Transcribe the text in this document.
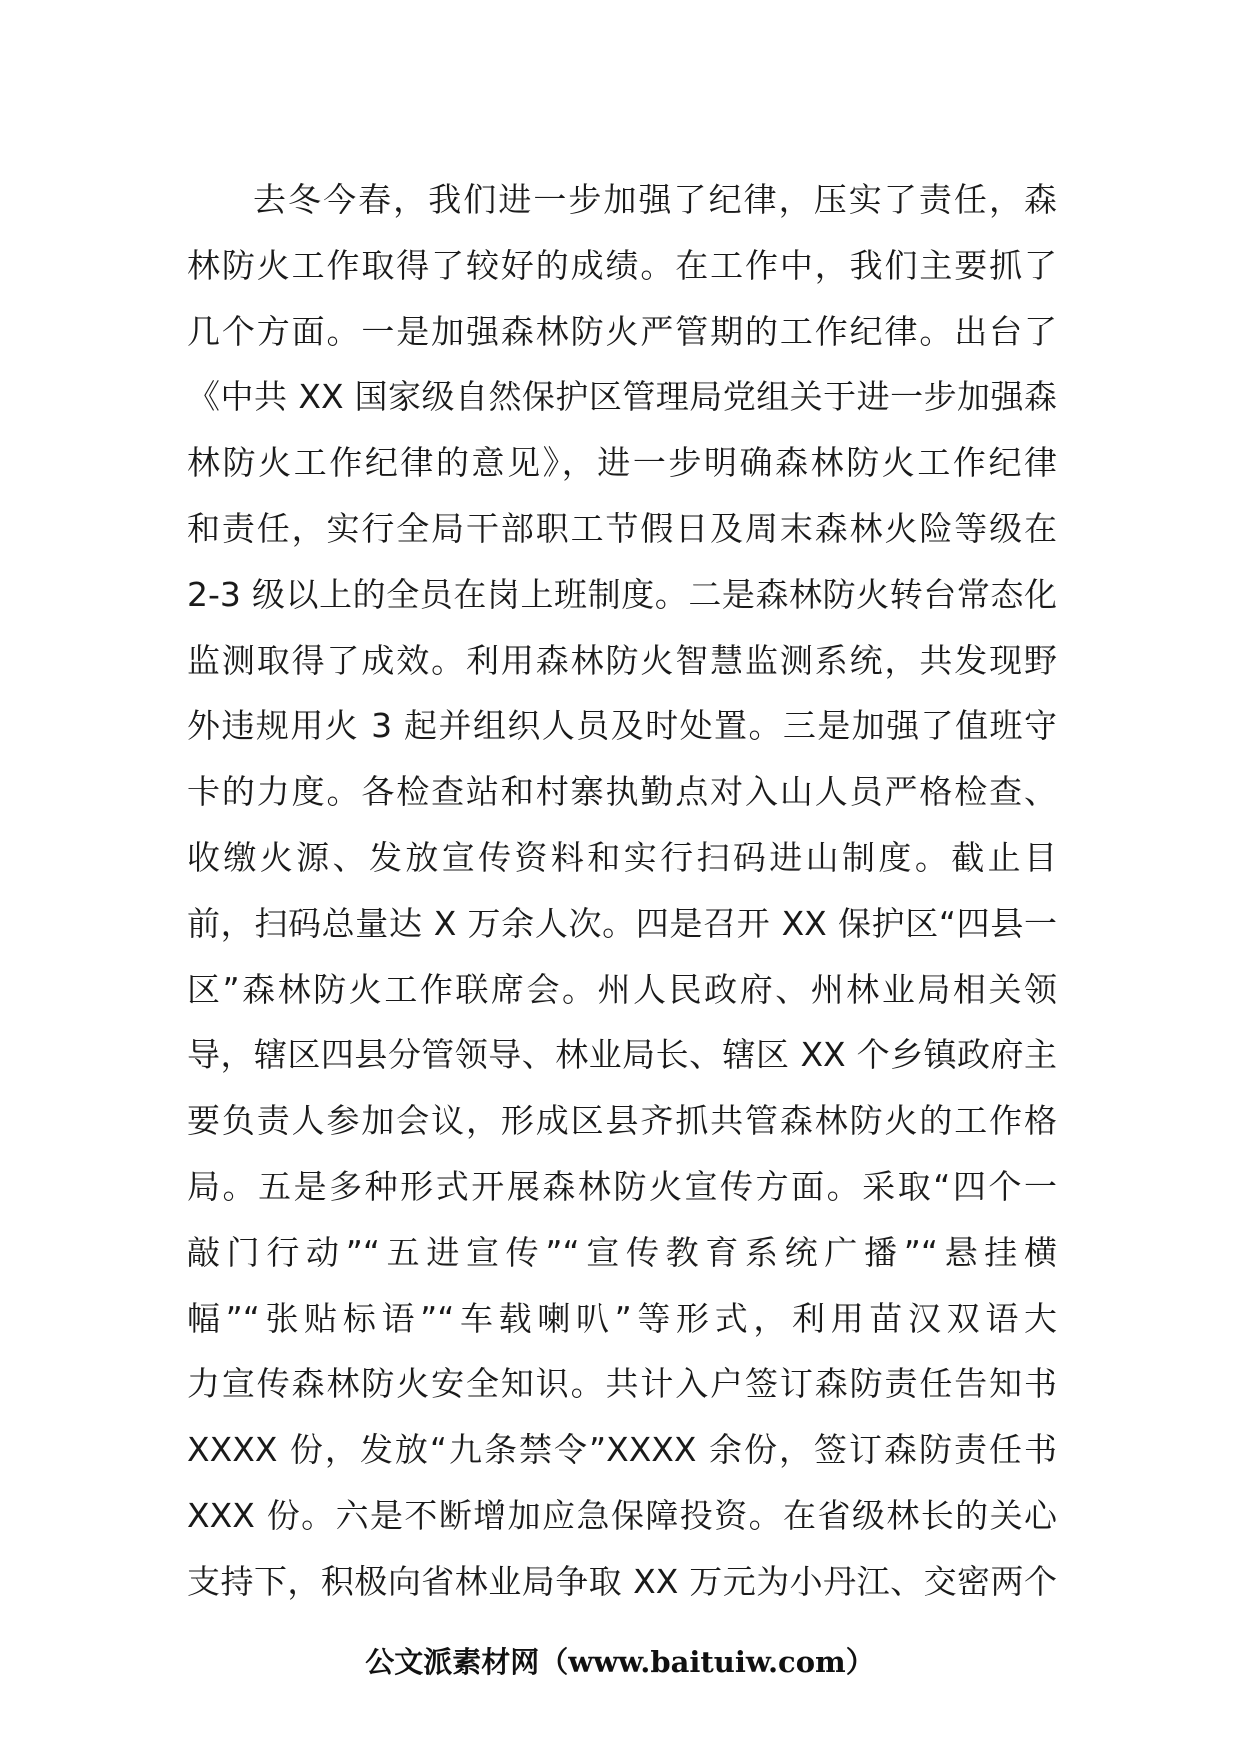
去冬今春，我们进一步加强了纪律，压实了责任，森
林防火工作取得了较好的成绩。在工作中，我们主要抓了
几个方面。一是加强森林防火严管期的工作纪律。出台了
《中共 XX 国家级自然保护区管理局党组关于进一步加强森
林防火工作纪律的意见》，进一步明确森林防火工作纪律
和责任，实行全局干部职工节假日及周末森林火险等级在
2-3 级以上的全员在岗上班制度。二是森林防火转台常态化
监测取得了成效。利用森林防火智慧监测系统，共发现野
外违规用火 3 起并组织人员及时处置。三是加强了值班守
卡的力度。各检查站和村寨执勤点对入山人员严格检查、
收缴火源、发放宣传资料和实行扫码进山制度。截止目
前，扫码总量达 X 万余人次。四是召开 XX 保护区“四县一
区”森林防火工作联席会。州人民政府、州林业局相关领
导，辖区四县分管领导、林业局长、辖区 XX 个乡镇政府主
要负责人参加会议，形成区县齐抓共管森林防火的工作格
局。五是多种形式开展森林防火宣传方面。采取“四个一
敲门行动”“五进宣传”“宣传教育系统广播”“悬挂横
幅”“张贴标语”“车载喇叭”等形式，利用苗汉双语大
力宣传森林防火安全知识。共计入户签订森防责任告知书
XXXX 份，发放“九条禁令”XXXX 余份，签订森防责任书
XXX 份。六是不断增加应急保障投资。在省级林长的关心
支持下，积极向省林业局争取 XX 万元为小丹江、交密两个
公文派素材网（www.baituiw.com）
